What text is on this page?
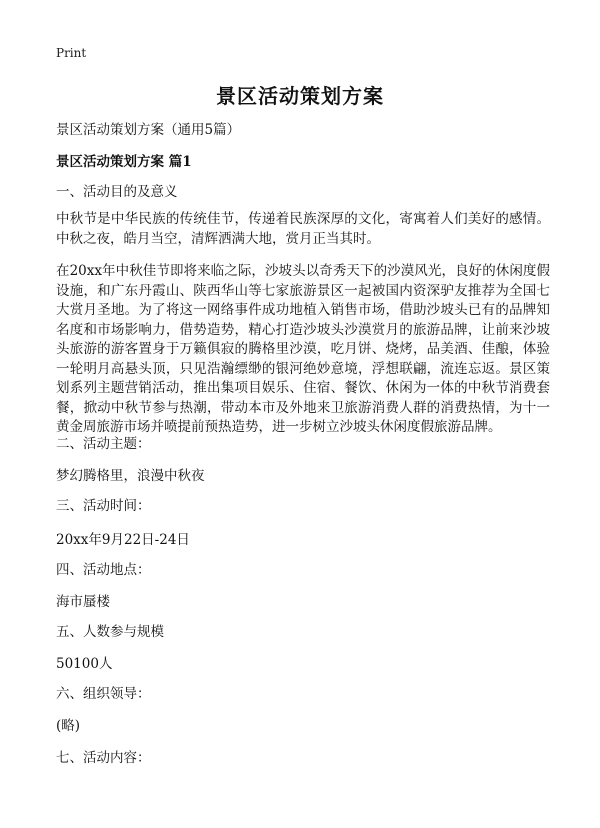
Print
景区活动策划方案
景区活动策划方案（通用5篇）
景区活动策划方案 篇1
一、活动目的及意义
中秋节是中华民族的传统佳节，传递着民族深厚的文化，寄寓着人们美好的感情。中秋之夜，皓月当空，清辉洒满大地，赏月正当其时。
在20xx年中秋佳节即将来临之际，沙坡头以奇秀天下的沙漠风光，良好的休闲度假设施，和广东丹霞山、陕西华山等七家旅游景区一起被国内资深驴友推荐为全国七大赏月圣地。为了将这一网络事件成功地植入销售市场，借助沙坡头已有的品牌知名度和市场影响力，借势造势，精心打造沙坡头沙漠赏月的旅游品牌，让前来沙坡头旅游的游客置身于万籁俱寂的腾格里沙漠，吃月饼、烧烤，品美酒、佳酿，体验一轮明月高悬头顶，只见浩瀚缥缈的银河绝妙意境，浮想联翩，流连忘返。景区策划系列主题营销活动，推出集项目娱乐、住宿、餐饮、休闲为一体的中秋节消费套餐，掀动中秋节参与热潮，带动本市及外地来卫旅游消费人群的消费热情，为十一黄金周旅游市场并喷提前预热造势，进一步树立沙坡头休闲度假旅游品牌。
二、活动主题：
梦幻腾格里，浪漫中秋夜
三、活动时间：
20xx年9月22日-24日
四、活动地点：
海市蜃楼
五、人数参与规模
50100人
六、组织领导：
(略)
七、活动内容：
